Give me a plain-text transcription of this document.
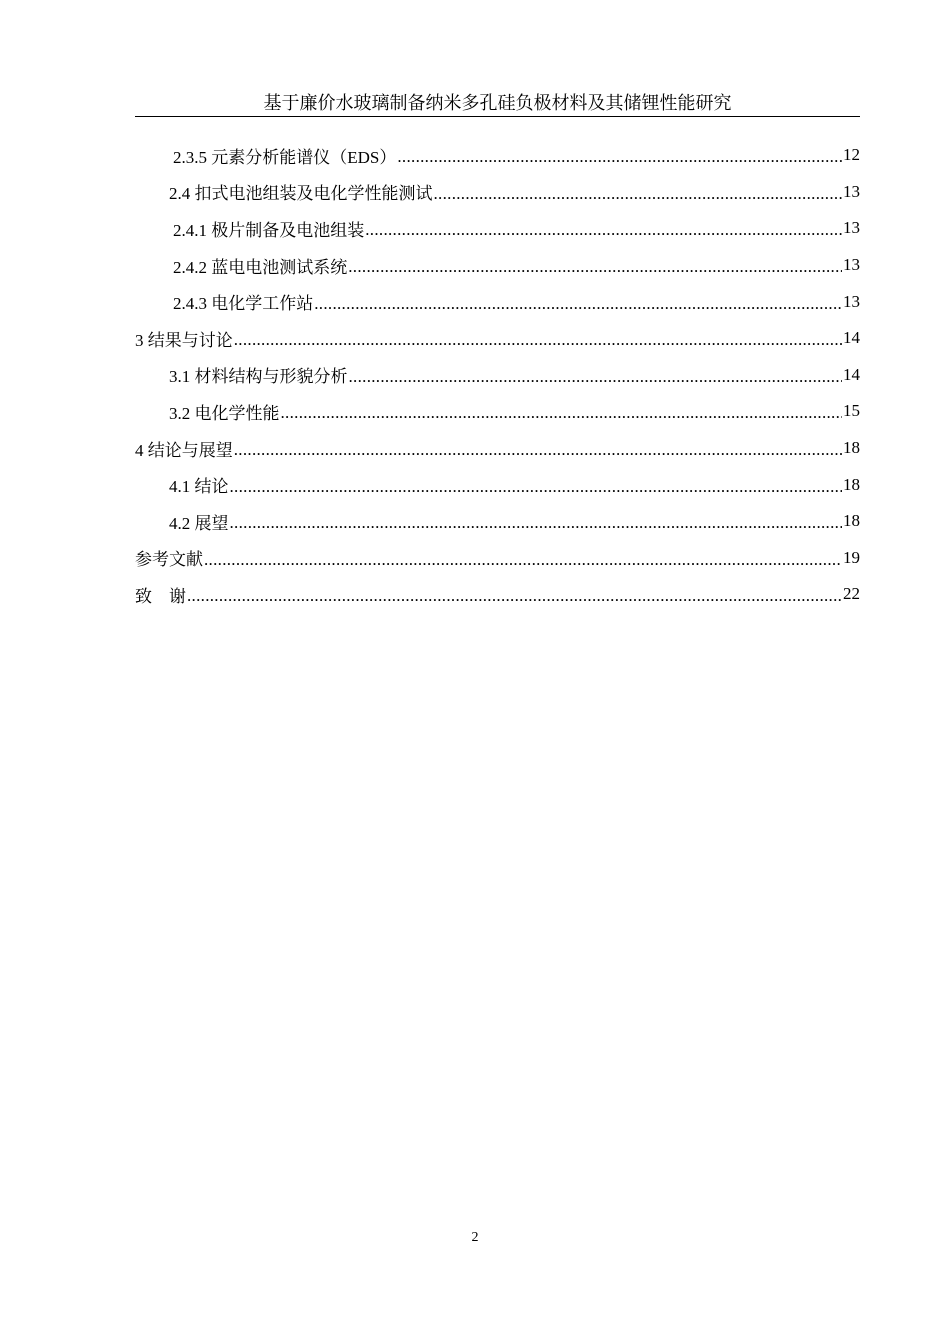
基于廉价水玻璃制备纳米多孔硅负极材料及其储锂性能研究
2.3.5 元素分析能谱仪（EDS） .....	12
2.4 扣式电池组装及电化学性能测试 .....	13
2.4.1 极片制备及电池组装 .....	13
2.4.2 蓝电电池测试系统 .....	13
2.4.3 电化学工作站 .....	13
3 结果与讨论 .....	14
3.1 材料结构与形貌分析 .....	14
3.2 电化学性能 .....	15
4 结论与展望 .....	18
4.1 结论 .....	18
4.2 展望 .....	18
参考文献 .....	19
致　谢 .....	22
2
